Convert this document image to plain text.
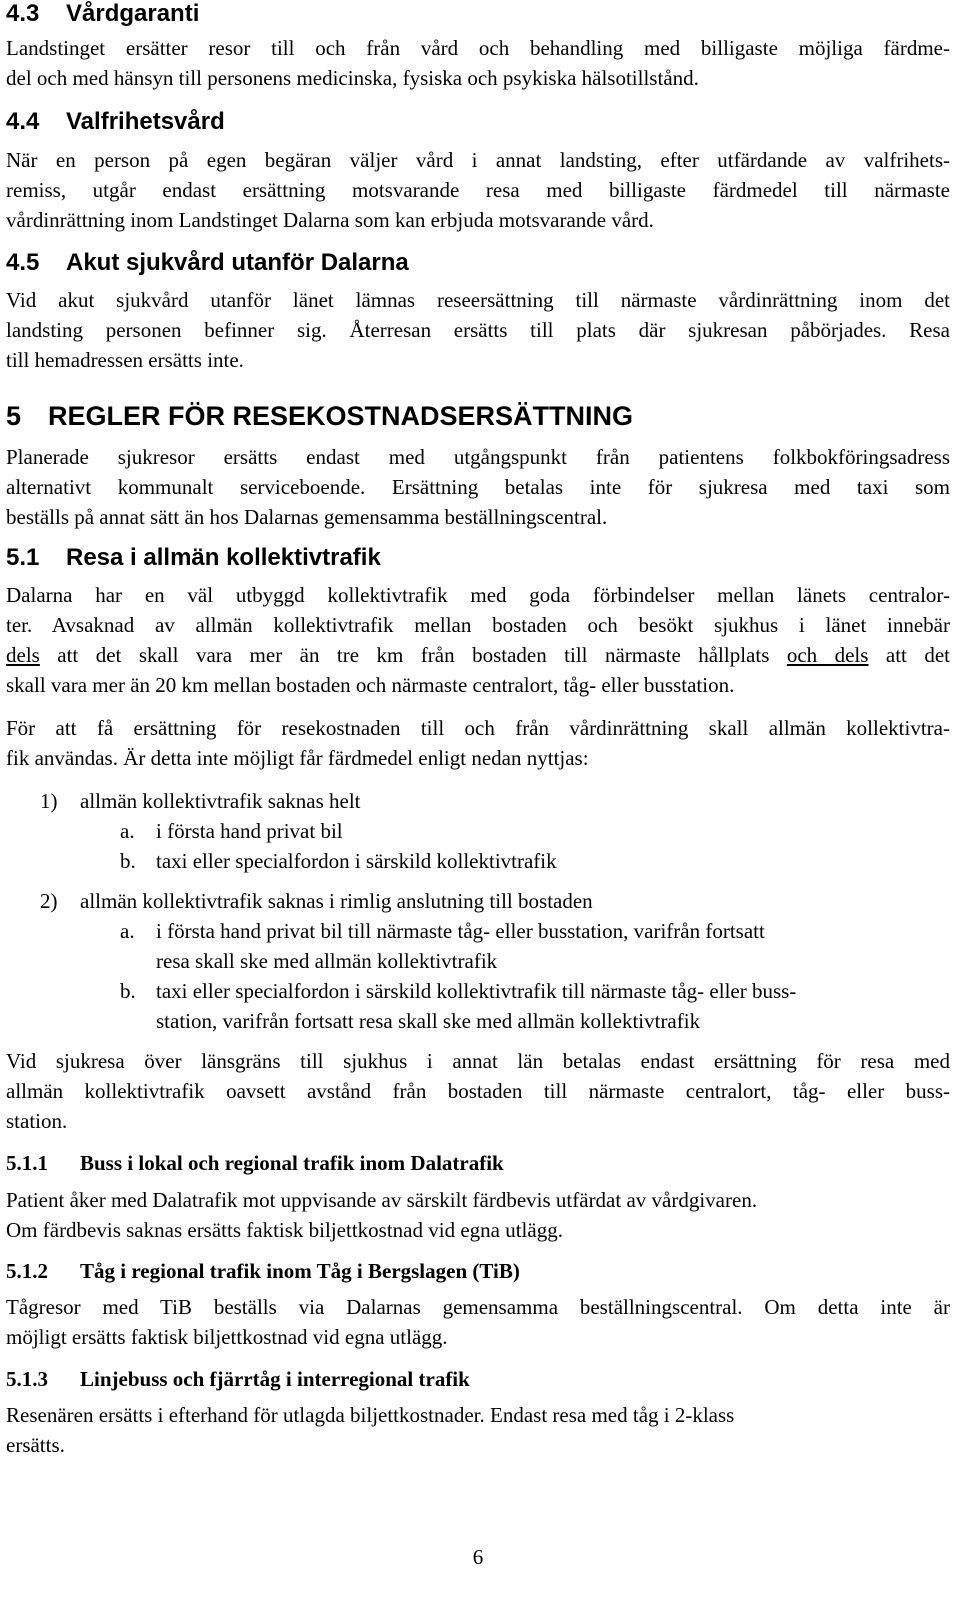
4.3 Vårdgaranti
Landstinget ersätter resor till och från vård och behandling med billigaste möjliga färdme-
del och med hänsyn till personens medicinska, fysiska och psykiska hälsotillstånd.
4.4 Valfrihetsvård
När en person på egen begäran väljer vård i annat landsting, efter utfärdande av valfrihets-
remiss, utgår endast ersättning motsvarande resa med billigaste färdmedel till närmaste
vårdinrättning inom Landstinget Dalarna som kan erbjuda motsvarande vård.
4.5 Akut sjukvård utanför Dalarna
Vid akut sjukvård utanför länet lämnas reseersättning till närmaste vårdinrättning inom det
landsting personen befinner sig. Återresan ersätts till plats där sjukresan påbörjades. Resa
till hemadressen ersätts inte.
5 REGLER FÖR RESEKOSTNADSERSÄTTNING
Planerade sjukresor ersätts endast med utgångspunkt från patientens folkbokföringsadress
alternativt kommunalt serviceboende. Ersättning betalas inte för sjukresa med taxi som
beställs på annat sätt än hos Dalarnas gemensamma beställningscentral.
5.1 Resa i allmän kollektivtrafik
Dalarna har en väl utbyggd kollektivtrafik med goda förbindelser mellan länets centralor-
ter. Avsaknad av allmän kollektivtrafik mellan bostaden och besökt sjukhus i länet innebär
dels att det skall vara mer än tre km från bostaden till närmaste hållplats och dels att det
skall vara mer än 20 km mellan bostaden och närmaste centralort, tåg- eller busstation.
För att få ersättning för resekostnaden till och från vårdinrättning skall allmän kollektivtra-
fik användas. Är detta inte möjligt får färdmedel enligt nedan nyttjas:
1) allmän kollektivtrafik saknas helt
a. i första hand privat bil
b. taxi eller specialfordon i särskild kollektivtrafik
2) allmän kollektivtrafik saknas i rimlig anslutning till bostaden
a. i första hand privat bil till närmaste tåg- eller busstation, varifrån fortsatt
resa skall ske med allmän kollektivtrafik
b. taxi eller specialfordon i särskild kollektivtrafik till närmaste tåg- eller buss-
station, varifrån fortsatt resa skall ske med allmän kollektivtrafik
Vid sjukresa över länsgräns till sjukhus i annat län betalas endast ersättning för resa med
allmän kollektivtrafik oavsett avstånd från bostaden till närmaste centralort, tåg- eller buss-
station.
5.1.1 Buss i lokal och regional trafik inom Dalatrafik
Patient åker med Dalatrafik mot uppvisande av särskilt färdbevis utfärdat av vårdgivaren.
Om färdbevis saknas ersätts faktisk biljettkostnad vid egna utlägg.
5.1.2 Tåg i regional trafik inom Tåg i Bergslagen (TiB)
Tågresor med TiB beställs via Dalarnas gemensamma beställningscentral. Om detta inte är
möjligt ersätts faktisk biljettkostnad vid egna utlägg.
5.1.3 Linjebuss och fjärrtåg i interregional trafik
Resenären ersätts i efterhand för utlagda biljettkostnader. Endast resa med tåg i 2-klass
ersätts.
6
